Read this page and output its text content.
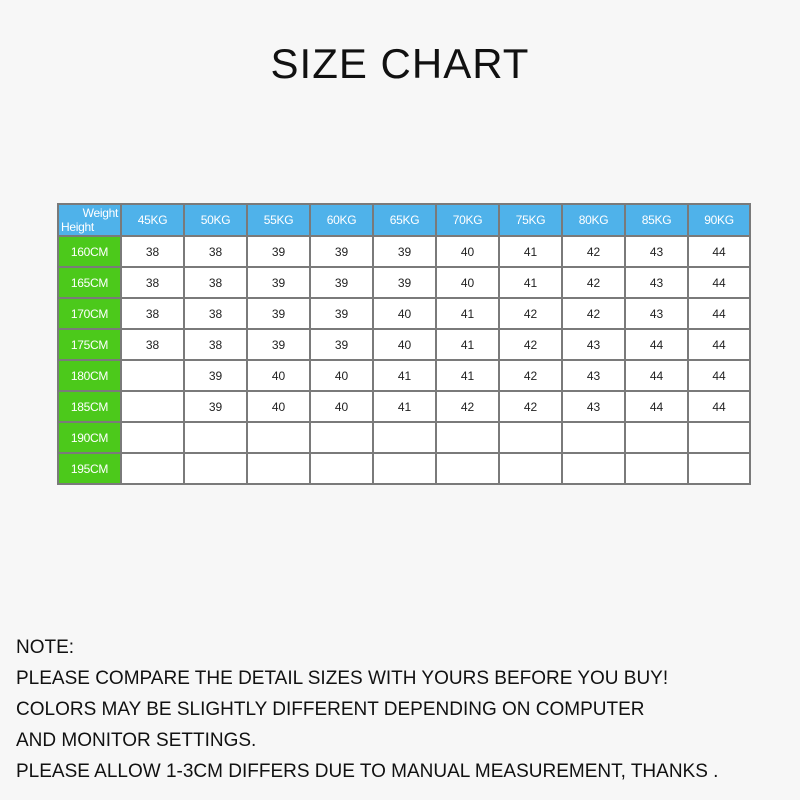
SIZE CHART
Weight
Height	45KG	50KG	55KG	60KG	65KG	70KG	75KG	80KG	85KG	90KG
160CM	38	38	39	39	39	40	41	42	43	44
165CM	38	38	39	39	39	40	41	42	43	44
170CM	38	38	39	39	40	41	42	42	43	44
175CM	38	38	39	39	40	41	42	43	44	44
180CM		39	40	40	41	41	42	43	44	44
185CM		39	40	40	41	42	42	43	44	44
190CM										
195CM										
NOTE:
PLEASE COMPARE THE DETAIL SIZES WITH YOURS BEFORE YOU BUY!
COLORS MAY BE SLIGHTLY DIFFERENT DEPENDING ON COMPUTER
AND MONITOR SETTINGS.
PLEASE ALLOW 1-3CM DIFFERS DUE TO MANUAL MEASUREMENT, THANKS .
